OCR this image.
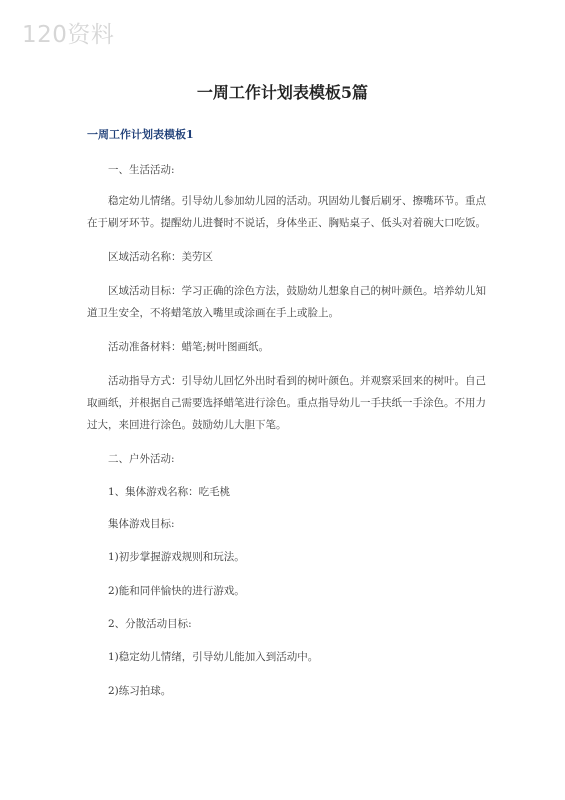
120资料
一周工作计划表模板5篇
一周工作计划表模板1

一、生活活动:

稳定幼儿情绪。引导幼儿参加幼儿园的活动。巩固幼儿餐后刷牙、擦嘴环节。重点在于刷牙环节。提醒幼儿进餐时不说话，身体坐正、胸贴桌子、低头对着碗大口吃饭。

区域活动名称：美劳区

区域活动目标：学习正确的涂色方法，鼓励幼儿想象自己的树叶颜色。培养幼儿知道卫生安全，不将蜡笔放入嘴里或涂画在手上或脸上。

活动准备材料：蜡笔;树叶图画纸。

活动指导方式：引导幼儿回忆外出时看到的树叶颜色。并观察采回来的树叶。自己取画纸，并根据自己需要选择蜡笔进行涂色。重点指导幼儿一手扶纸一手涂色。不用力过大，来回进行涂色。鼓励幼儿大胆下笔。

二、户外活动:

1、集体游戏名称：吃毛桃

集体游戏目标:

1)初步掌握游戏规则和玩法。

2)能和同伴愉快的进行游戏。

2、分散活动目标:

1)稳定幼儿情绪，引导幼儿能加入到活动中。

2)练习拍球。
